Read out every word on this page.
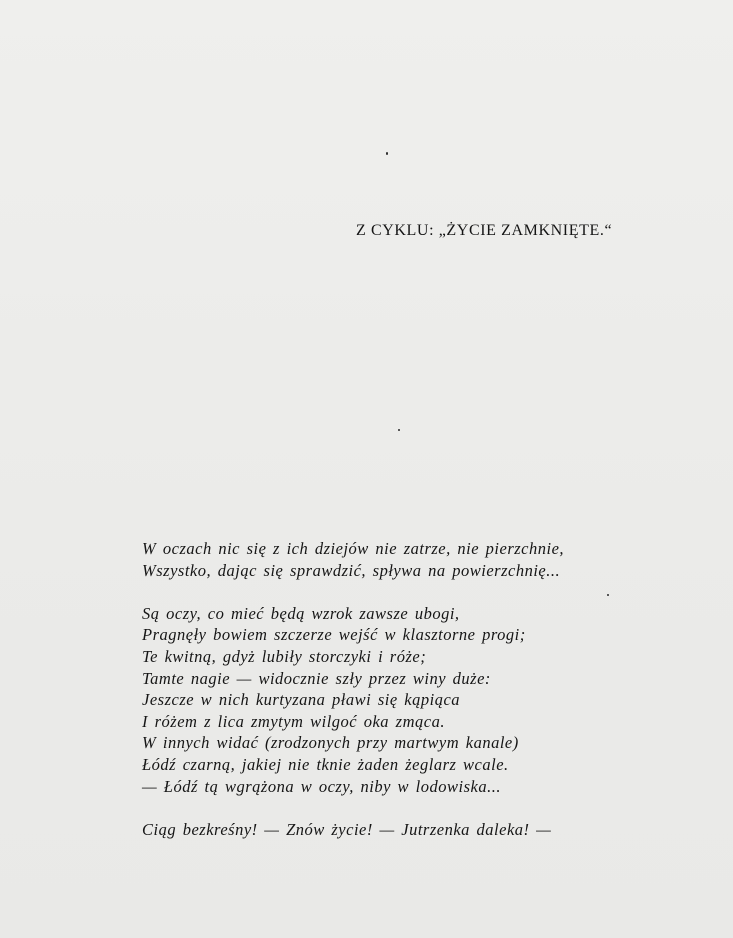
Z CYKLU: „ŻYCIE ZAMKNIĘTE.“
W oczach nic się z ich dziejów nie zatrze, nie pierzchnie,
Wszystko, dając się sprawdzić, spływa na powierzchnię...
Są oczy, co mieć będą wzrok zawsze ubogi,
Pragnęły bowiem szczerze wejść w klasztorne progi;
Te kwitną, gdyż lubiły storczyki i róże;
Tamte nagie — widocznie szły przez winy duże:
Jeszcze w nich kurtyzana pławi się kąpiąca
I różem z lica zmytym wilgoć oka zmąca.
W innych widać (zrodzonych przy martwym kanale)
Łódź czarną, jakiej nie tknie żaden żeglarz wcale.
— Łódź tą wgrążona w oczy, niby w lodowiska...
Ciąg bezkreśny! — Znów życie! — Jutrzenka daleka! —
